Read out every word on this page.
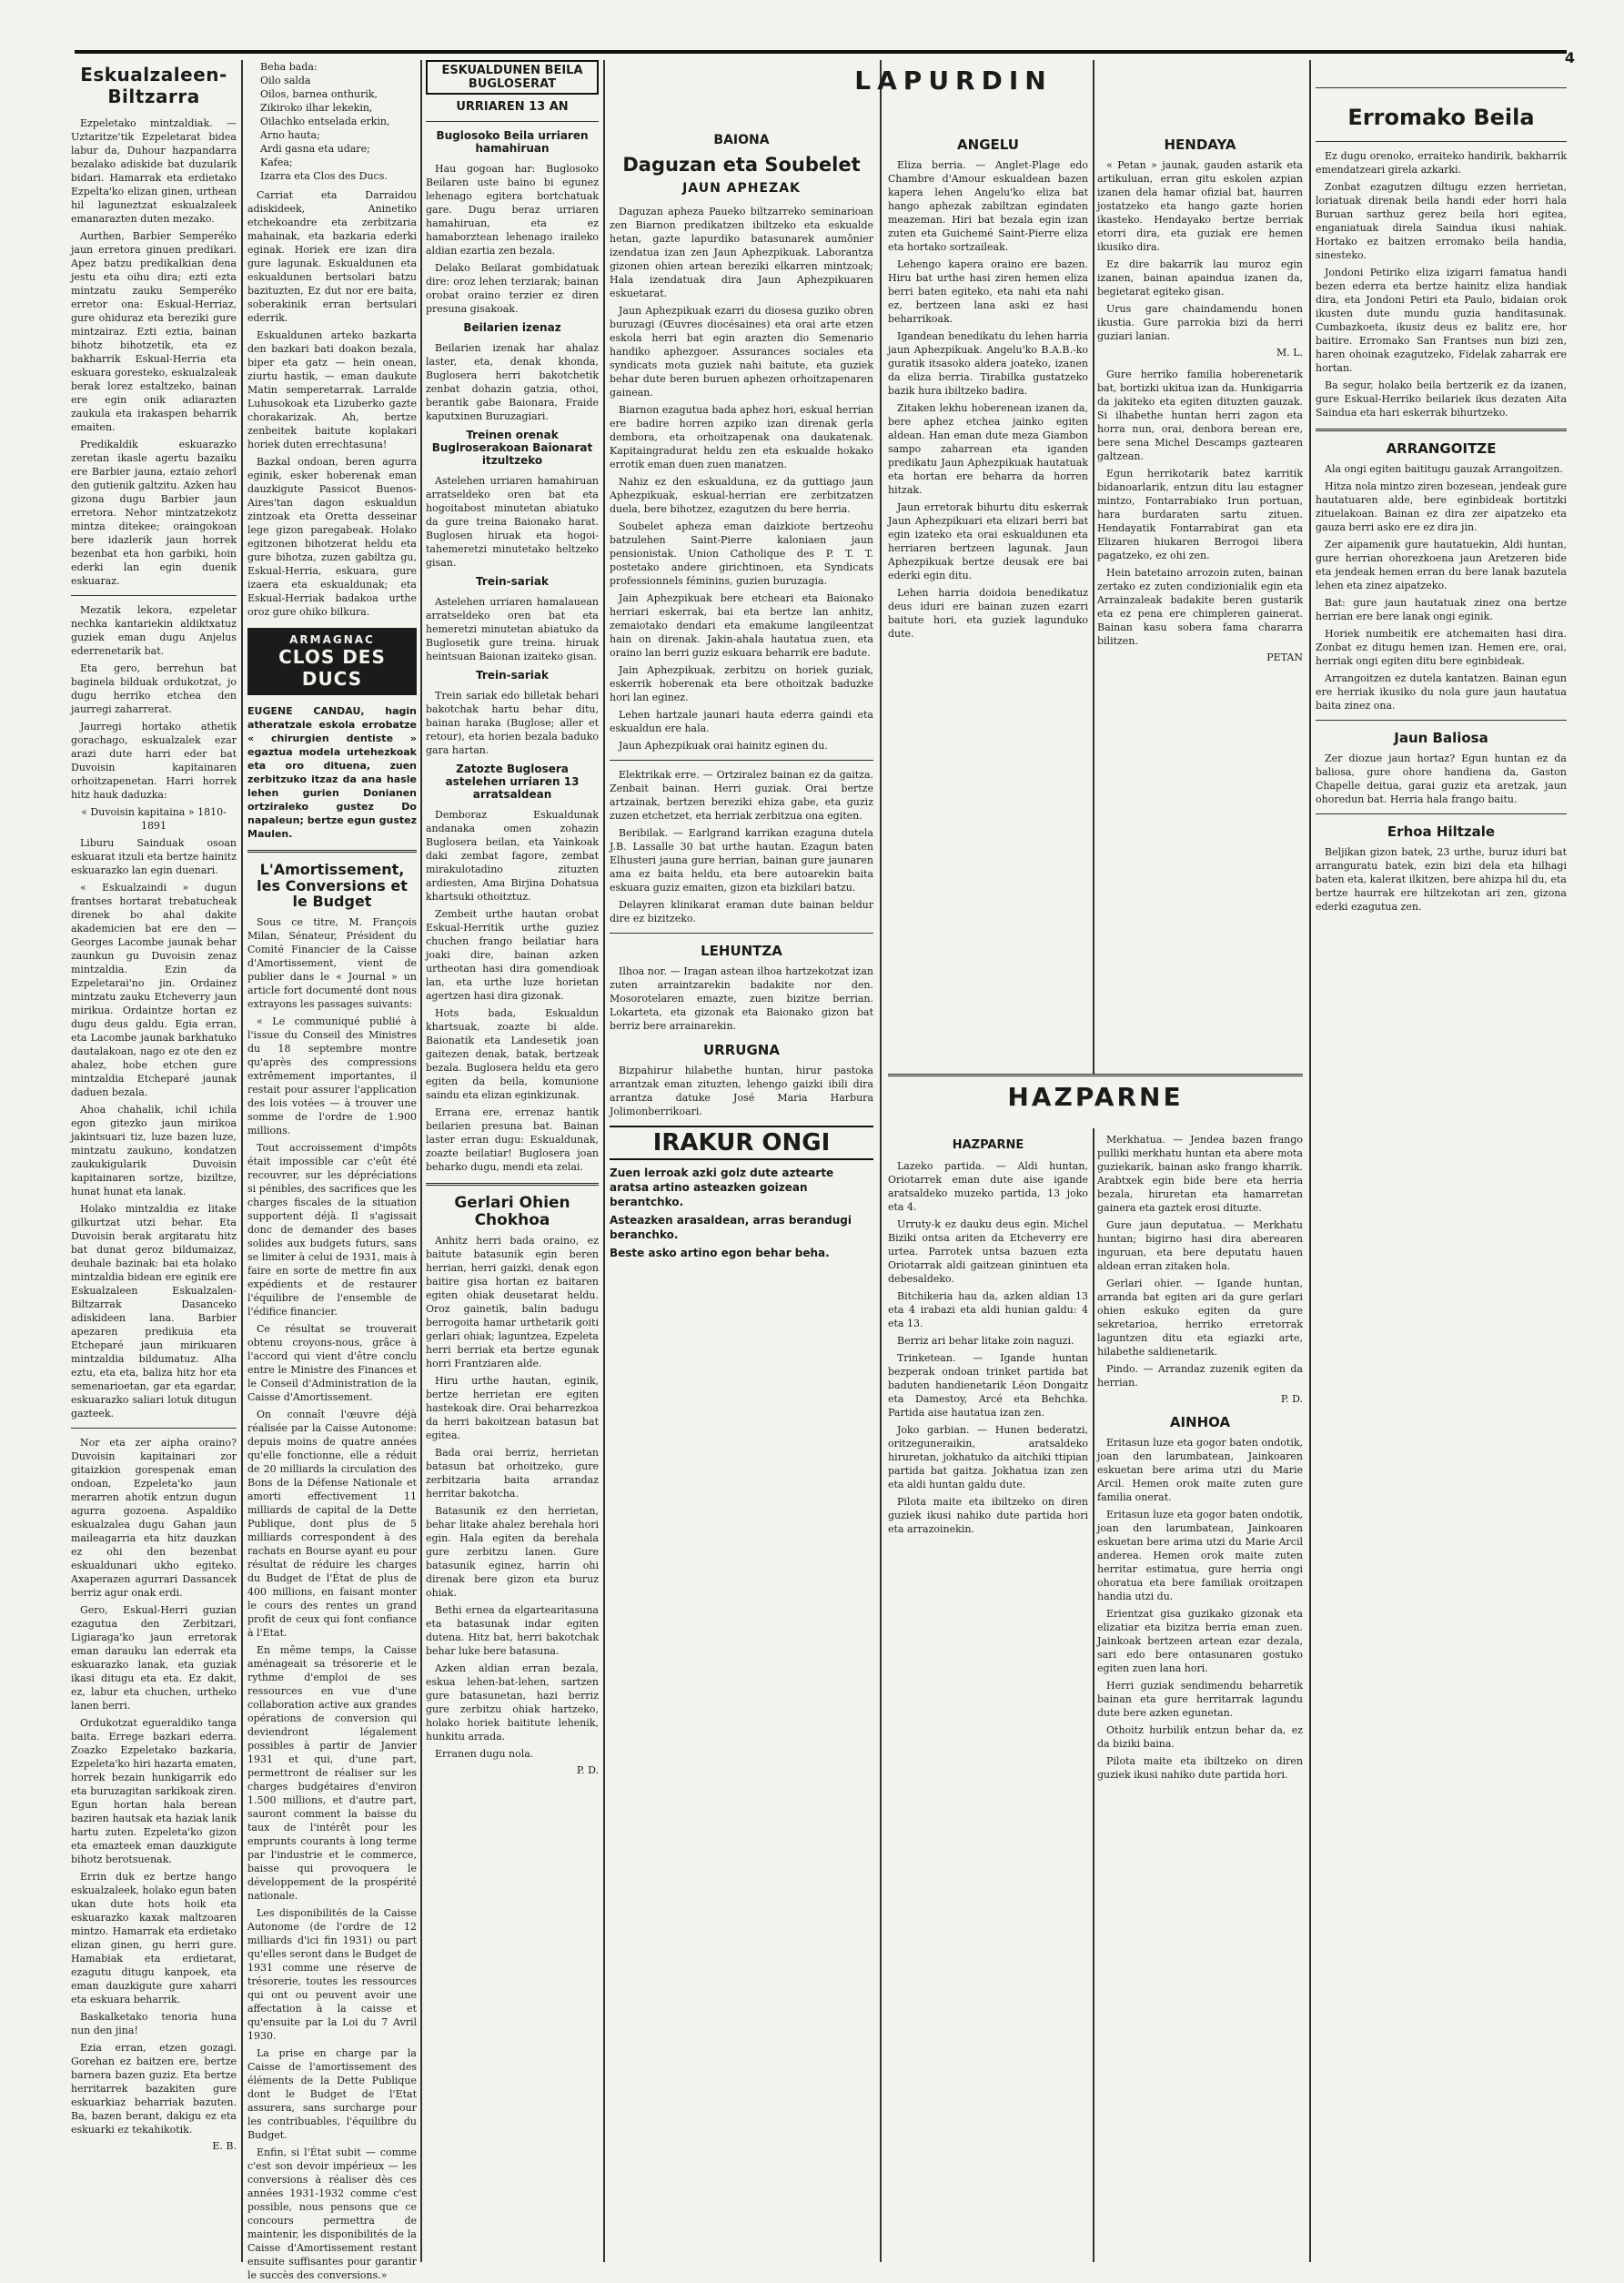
4
Eskualzaleen-Biltzarra

Ezpeletako mintzaldiak. — Uztaritze'tik Ezpeletarat bidea labur da, Duhour hazpandarra bezalako adiskide bat duzularik bidari. Hamarrak eta erdietako Ezpelta'ko elizan ginen, urthean hil laguneztzat eskualzaleek emanarazten duten mezako.

Aurthen, Barbier Semperéko jaun erretora ginuen predikari. Apez batzu predikalkian dena jestu eta oihu dira; ezti ezta mintzatu zauku Semperéko erretor ona: Eskual-Herriaz, gure ohiduraz eta bereziki gure mintzairaz. Ezti eztia, bainan bihotz bihotzetik, eta ez bakharrik Eskual-Herria eta eskuara goresteko, eskualzaleak berak lorez estaltzeko, bainan ere egin onik adiarazten zaukula eta irakaspen beharrik emaiten.

Predikaldik eskuarazko zeretan ikasle agertu bazaiku ere Barbier jauna, eztaio zehorl den gutienik galtzitu. Azken hau gizona dugu Barbier jaun erretora. Nehor mintzatzekotz mintza ditekee; oraingokoan bere idazlerik jaun horrek bezenbat eta hon garbiki, hoin ederki lan egin duenik eskuaraz.

Mezatik lekora, ezpeletar nechka kantariekin aldiktxatuz guziek eman dugu Anjelus ederrenetarik bat.

Eta gero, berrehun bat baginela bilduak ordukotzat, jo dugu herriko etchea den jaurregi zaharrerat.

Jaurregi hortako athetik gorachago, eskualzalek ezar arazi dute harri eder bat Duvoisin kapitainaren orhoitzapenetan. Harri horrek hitz hauk daduzka:

« Duvoisin kapitaina » 1810-1891

Liburu Sainduak osoan eskuarat itzuli eta bertze hainitz eskuarazko lan egin duenari.

« Eskualzaindi » dugun frantses hortarat trebatucheak direnek bo ahal dakite akademicien bat ere den — Georges Lacombe jaunak behar zaunkun gu Duvoisin zenaz mintzaldia. Ezin da Ezpeletarai'no jin. Ordainez mintzatu zauku Etcheverry jaun mirikua. Ordaintze hortan ez dugu deus galdu. Egia erran, eta Lacombe jaunak barkhatuko dautalakoan, nago ez ote den ez ahalez, hobe etchen gure mintzaldia Etcheparé jaunak daduen bezala.

Ahoa chahalik, ichil ichila egon gitezko jaun mirikoa jakintsuari tiz, luze bazen luze, mintzatu zaukuno, kondatzen zaukukigularik Duvoisin kapitainaren sortze, biziltze, hunat hunat eta lanak.

Holako mintzaldia ez litake gilkurtzat utzi behar. Eta Duvoisin berak argitaratu hitz bat dunat geroz bildumaizaz, deuhale bazinak: bai eta holako mintzaldia bidean ere eginik ere Eskualzaleen Eskualzalen-Biltzarrak Dasanceko adiskideen lana. Barbier apezaren predikuia eta Etcheparé jaun mirikuaren mintzaldia bildumatuz. Alha eztu, eta eta, baliza hitz hor eta semenarioetan, gar eta egardar, eskuarazko saliari lotuk ditugun gazteek.

Nor eta zer aipha oraino? Duvoisin kapitainari zor gitaizkion gorespenak eman ondoan, Ezpeleta'ko jaun merarren ahotik entzun dugun agurra gozoena. Aspaldiko eskualzalea dugu Gahan jaun maileagarria eta hitz dauzkan ez ohi den bezenbat eskualdunari ukho egiteko. Axaperazen agurrari Dassancek berriz agur onak erdi.

Gero, Eskual-Herri guzian ezagutua den Zerbitzari, Ligiaraga'ko jaun erretorak eman darauku lan ederrak eta eskuarazko lanak, eta guziak ikasi ditugu eta eta. Ez dakit, ez, labur eta chuchen, urtheko lanen berri.

Ordukotzat egueraldiko tanga baita. Errege bazkari ederra. Zoazko Ezpeletako bazkaria, Ezpeleta'ko hiri hazarta ematen, horrek bezain hunkigarrik edo eta buruzagitan sarkikoak ziren. Egun hortan hala berean baziren hautsak eta haziak lanik hartu zuten. Ezpeleta'ko gizon eta emazteek eman dauzkigute bihotz berotsuenak.

Errin duk ez bertze hango eskualzaleek, holako egun baten ukan dute hots hoik eta eskuarazko kaxak maltzoaren mintzo. Hamarrak eta erdietako elizan ginen, gu herri gure. Hamabiak eta erdietarat, ezagutu ditugu kanpoek, eta eman dauzkigute gure xaharri eta eskuara beharrik.

Baskalketako tenoria huna nun den jina!

Ezia erran, etzen gozagi. Gorehan ez baitzen ere, bertze barnera bazen guziz. Eta bertze herritarrek bazakiten gure eskuarkiaz beharriak bazuten. Ba, bazen berant, dakigu ez eta eskuarki ez tekahikotik.

E. B.
Beha bada:
Oilo salda
Oilos, barnea onthurik,
Zikiroko ilhar lekekin,
Oilachko entselada erkin,
Arno hauta;
Ardi gasna eta udare;
Kafea;
Izarra eta Clos des Ducs.

Carriat eta Darraidou adiskideek, Aninetiko etchekoandre eta zerbitzaria mahainak, eta bazkaria ederki eginak. Horiek ere izan dira gure lagunak. Eskualdunen eta eskualdunen bertsolari batzu bazituzten, Ez dut nor ere baita, soberakinik erran bertsulari ederrik.

Eskualdunen arteko bazkarta den bazkari bati doakon bezala, biper eta gatz — hein onean, ziurtu hastik, — eman daukute Matin semperetarrak. Larralde Luhusokoak eta Lizuberko gazte chorakarizak. Ah, bertze zenbeitek baitute koplakari horiek duten errechtasuna!

Bazkal ondoan, beren agurra eginik, esker hoberenak eman dauzkigute Passicot Buenos-Aires'tan dagon eskualdun zintzoak eta Oretta desseinar lege gizon paregabeak. Holako egitzonen bihotzerat heldu eta gure bihotza, zuzen gabiltza gu, Eskual-Herria, eskuara, gure izaera eta eskualdunak; eta Eskual-Herriak badakoa urthe oroz gure ohiko bilkura.

ARMAGNAC
CLOS DES DUCS
EUGENE CANDAU, hagin atheratzale eskola errobatze « chirurgien dentiste » egaztua modela urtehezkoak eta oro dituena, zuen zerbitzuko itzaz da ana hasle lehen gurien Donianen ortziraleko gustez Do napaleun; bertze egun gustez Maulen.
L'Amortissement, les Conversions et le Budget

Sous ce titre, M. François Milan, Sénateur, Président du Comité Financier de la Caisse d'Amortissement, vient de publier dans le « Journal » un article fort documenté dont nous extrayons les passages suivants:

« Le communiqué publié à l'issue du Conseil des Ministres du 18 septembre montre qu'après des compressions extrêmement importantes, il restait pour assurer l'application des lois votées — à trouver une somme de l'ordre de 1.900 millions.

Tout accroissement d'impôts était impossible car c'eût été recouvrer, sur les dépréciations si pénibles, des sacrifices que les charges fiscales de la situation supportent déjà. Il s'agissait donc de demander des bases solides aux budgets futurs, sans se limiter à celui de 1931, mais à faire en sorte de mettre fin aux expédients et de restaurer l'équilibre de l'ensemble de l'édifice financier.

Ce résultat se trouverait obtenu croyons-nous, grâce à l'accord qui vient d'être conclu entre le Ministre des Finances et le Conseil d'Administration de la Caisse d'Amortissement.

On connaît l'œuvre déjà réalisée par la Caisse Autonome: depuis moins de quatre années qu'elle fonctionne, elle a réduit de 20 milliards la circulation des Bons de la Défense Nationale et amorti effectivement 11 milliards de capital de la Dette Publique, dont plus de 5 milliards correspondent à des rachats en Bourse ayant eu pour résultat de réduire les charges du Budget de l'État de plus de 400 millions, en faisant monter le cours des rentes un grand profit de ceux qui font confiance à l'Etat.

En même temps, la Caisse aménageait sa trésorerie et le rythme d'emploi de ses ressources en vue d'une collaboration active aux grandes opérations de conversion qui deviendront légalement possibles à partir de Janvier 1931 et qui, d'une part, permettront de réaliser sur les charges budgétaires d'environ 1.500 millions, et d'autre part, sauront comment la baisse du taux de l'intérêt pour les emprunts courants à long terme par l'industrie et le commerce, baisse qui provoquera le développement de la prospérité nationale.

Les disponibilités de la Caisse Autonome (de l'ordre de 12 milliards d'ici fin 1931) ou part qu'elles seront dans le Budget de 1931 comme une réserve de trésorerie, toutes les ressources qui ont ou peuvent avoir une affectation à la caisse et qu'ensuite par la Loi du 7 Avril 1930.

La prise en charge par la Caisse de l'amortissement des éléments de la Dette Publique dont le Budget de l'Etat assurera, sans surcharge pour les contribuables, l'équilibre du Budget.

Enfin, si l'État subit — comme c'est son devoir impérieux — les conversions à réaliser dès ces années 1931-1932 comme c'est possible, nous pensons que ce concours permettra de maintenir, les disponibilités de la Caisse d'Amortissement restant ensuite suffisantes pour garantir le succès des conversions.»

ESKUALDUNEN BEILA BUGLOSERAT
URRIAREN 13 AN
Buglosoko Beila urriaren hamahiruan

Hau gogoan har: Buglosoko Beilaren uste baino bi egunez lehenago egitera bortchatuak gare. Dugu beraz urriaren hamahiruan, eta ez hamaborztean lehenago iraileko aldian ezartia zen bezala.

Delako Beilarat gombidatuak dire: oroz lehen terziarak; bainan orobat oraino terzier ez diren presuna gisakoak.

Beilarien izenaz

Beilarien izenak har ahalaz laster, eta, denak khonda, Buglosera herri bakotchetik zenbat dohazin gatzia, othoi, berantik gabe Baionara, Fraide kaputxinen Buruzagiari.

Treinen orenak Buglroserakoan Baionarat itzultzeko

Astelehen urriaren hamahiruan arratseldeko oren bat eta hogoitabost minutetan abiatuko da gure treina Baionako harat. Buglosen hiruak eta hogoi-tahemeretzi minutetako heltzeko gisan.

Trein-sariak

Astelehen urriaren hamalauean arratseldeko oren bat eta hemeretzi minutetan abiatuko da Buglosetik gure treina. hiruak heintsuan Baionan izaiteko gisan.

Trein-sariak

Trein sariak edo billetak behari bakotchak hartu behar ditu, bainan haraka (Buglose; aller et retour), eta horien bezala baduko gara hartan.

Zatozte Buglosera astelehen urriaren 13 arratsaldean

Demboraz Eskualdunak andanaka omen zohazin Buglosera beilan, eta Yainkoak daki zembat fagore, zembat mirakulotadino zituzten ardiesten, Ama Birjina Dohatsua khartsuki othoitztuz.

Zembeit urthe hautan orobat Eskual-Herritik urthe guziez chuchen frango beilatiar hara joaki dire, bainan azken urtheotan hasi dira gomendioak lan, eta urthe luze horietan agertzen hasi dira gizonak.

Hots bada, Eskualdun khartsuak, zoazte bi alde. Baionatik eta Landesetik joan gaitezen denak, batak, bertzeak bezala. Buglosera heldu eta gero egiten da beila, komunione saindu eta elizan eginkizunak.

Errana ere, errenaz hantik beilarien presuna bat. Bainan laster erran dugu: Eskualdunak, zoazte beilatiar! Buglosera joan beharko dugu, mendi eta zelai.

Gerlari Ohien Chokhoa

Anhitz herri bada oraino, ez baitute batasunik egin beren herrian, herri gaizki, denak egon baitire gisa hortan ez baitaren egiten ohiak deusetarat heldu. Oroz gainetik, balin badugu berrogoita hamar urthetarik goiti gerlari ohiak; laguntzea, Ezpeleta herri berriak eta bertze egunak horri Frantziaren alde.

Hiru urthe hautan, eginik, bertze herrietan ere egiten hastekoak dire. Orai beharrezkoa da herri bakoitzean batasun bat egitea.

Bada orai berriz, herrietan batasun bat orhoitzeko, gure zerbitzaria baita arrandaz herritar bakotcha.

Batasunik ez den herrietan, behar litake ahalez berehala hori egin. Hala egiten da berehala gure zerbitzu lanen. Gure batasunik eginez, harrin ohi direnak bere gizon eta buruz ohiak.

Bethi ernea da elgartearitasuna eta batasunak indar egiten dutena. Hitz bat, herri bakotchak behar luke bere batasuna.

Azken aldian erran bezala, eskua lehen-bat-lehen, sartzen gure batasunetan, hazi berriz gure zerbitzu ohiak hartzeko, holako horiek baititute lehenik, hunkitu arrada.

Erranen dugu nola.

P. D.
LAPURDIN
BAIONA
Daguzan eta Soubelet
JAUN APHEZAK

Daguzan apheza Paueko biltzarreko seminarioan zen Biarnon predikatzen ibiltzeko eta eskualde hetan, gazte lapurdiko batasunarek aumônier izendatua izan zen Jaun Aphezpikuak. Laborantza gizonen ohien artean bereziki elkarren mintzoak; Hala izendatuak dira Jaun Aphezpikuaren eskuetarat.

Jaun Aphezpikuak ezarri du diosesa guziko obren buruzagi (Œuvres diocésaines) eta orai arte etzen eskola herri bat egin arazten dio Semenario handiko aphezgoer. Assurances sociales eta syndicats mota guziek nahi baitute, eta guziek behar dute beren buruen aphezen orhoitzapenaren gainean.

Biarnon ezagutua bada aphez hori, eskual herrian ere badire horren azpiko izan direnak gerla dembora, eta orhoitzapenak ona daukatenak. Kapitaingradurat heldu zen eta eskualde hokako errotik eman duen zuen manatzen.

Nahiz ez den eskualduna, ez da guttiago jaun Aphezpikuak, eskual-herrian ere zerbitzatzen duela, bere bihotzez, ezagutzen du bere herria.

Soubelet apheza eman daizkiote bertzeohu batzulehen Saint-Pierre kaloniaen jaun pensionistak. Union Catholique des P. T. T. postetako andere girichtinoen, eta Syndicats professionnels féminins, guzien buruzagia.

Jain Aphezpikuak bere etcheari eta Baionako herriari eskerrak, bai eta bertze lan anhitz, zemaiotako dendari eta emakume langileentzat hain on direnak. Jakin-ahala hautatua zuen, eta oraino lan berri guziz eskuara beharrik ere badute.

Jain Aphezpikuak, zerbitzu on horiek guziak, eskerrik hoberenak eta bere othoitzak baduzke hori lan eginez.

Lehen hartzale jaunari hauta ederra gaindi eta eskualdun ere hala.

Jaun Aphezpikuak orai hainitz eginen du.

Elektrikak erre. — Ortziralez bainan ez da gaitza. Zenbait bainan. Herri guziak. Orai bertze artzainak, bertzen bereziki ehiza gabe, eta guziz zuzen etchetzet, eta herriak zerbitzua ona egiten.

Beribilak. — Earlgrand karrikan ezaguna dutela J.B. Lassalle 30 bat urthe hautan. Ezagun baten Elhusteri jauna gure herrian, bainan gure jaunaren ama ez baita heldu, eta bere autoarekin baita eskuara guziz emaiten, gizon eta bizkilari batzu.

Delayren klinikarat eraman dute bainan beldur dire ez bizitzeko.

LEHUNTZA

Ilhoa nor. — Iragan astean ilhoa hartzekotzat izan zuten arraintzarekin badakite nor den. Mosorotelaren emazte, zuen bizitze berrian. Lokarteta, eta gizonak eta Baionako gizon bat berriz bere arrainarekin.

URRUGNA

Bizpahirur hilabethe huntan, hirur pastoka arrantzak eman zituzten, lehengo gaizki ibili dira arrantza datuke José Maria Harbura Jolimonberrikoari.

IRAKUR ONGI
Zuen lerroak azki golz dute aztearte aratsa artino asteazken goizean berantchko.
Asteazken arasaldean, arras berandugi beranchko.
Beste asko artino egon behar beha.
ANGELU

Eliza berria. — Anglet-Plage edo Chambre d'Amour eskualdean bazen kapera lehen Angelu'ko eliza bat hango aphezak zabiltzan egindaten meazeman. Hiri bat bezala egin izan zuten eta Guichemé Saint-Pierre eliza eta hortako sortzaileak.

Lehengo kapera oraino ere bazen. Hiru bat urthe hasi ziren hemen eliza berri baten egiteko, eta nahi eta nahi ez, bertzeen lana aski ez hasi beharrikoak.

Igandean benedikatu du lehen harria jaun Aphezpikuak. Angelu'ko B.A.B.-ko guratik itsasoko aldera joateko, izanen da eliza berria. Tirabilka gustatzeko bazik hura ibiltzeko badira.

Zitaken lekhu hoberenean izanen da, bere aphez etchea jainko egiten aldean. Han eman dute meza Giambon sampo zaharrean eta iganden predikatu Jaun Aphezpikuak hautatuak eta hortan ere beharra da horren hitzak.

Jaun erretorak bihurtu ditu eskerrak Jaun Aphezpikuari eta elizari berri bat egin izateko eta orai eskualdunen eta herriaren bertzeen lagunak. Jaun Aphezpikuak bertze deusak ere bai ederki egin ditu.

Lehen harria doidoia benedikatuz deus iduri ere bainan zuzen ezarri baitute hori, eta guziek lagunduko dute.

HAZPARNE
HAZPARNE

Lazeko partida. — Aldi huntan, Oriotarrek eman dute aise igande aratsaldeko muzeko partida, 13 joko eta 4.

Urruty-k ez dauku deus egin. Michel Biziki ontsa ariten da Etcheverry ere urtea. Parrotek untsa bazuen ezta Oriotarrak aldi gaitzean ginintuen eta debesaldeko.

Bitchikeria hau da, azken aldian 13 eta 4 irabazi eta aldi hunian galdu: 4 eta 13.

Berriz ari behar litake zoin naguzi.

Trinketean. — Igande huntan bezperak ondoan trinket partida bat baduten handienetarik Léon Dongaitz eta Damestoy, Arcé eta Behchka. Partida aise hautatua izan zen.

Joko garbian. — Hunen bederatzi, oritzeguneraikin, aratsaldeko hiruretan, jokhatuko da aitchiki ttipian partida bat gaitza. Jokhatua izan zen eta aldi huntan galdu dute.

Pilota maite eta ibiltzeko on diren guziek ikusi nahiko dute partida hori eta arrazoinekin.

HENDAYA

« Petan » jaunak, gauden astarik eta artikuluan, erran gitu eskolen azpian izanen dela hamar ofizial bat, haurren jostatzeko eta hango gazte horien ikasteko. Hendayako bertze berriak etorri dira, eta guziak ere hemen ikusiko dira.

Ez dire bakarrik lau muroz egin izanen, bainan apaindua izanen da, begietarat egiteko gisan.

Urus gare chaindamendu honen ikustia. Gure parrokia bizi da herri guziari lanian.

M. L.

Gure herriko familia hoberenetarik bat, bortizki ukitua izan da. Hunkigarria da jakiteko eta egiten dituzten gauzak. Si ilhabethe huntan herri zagon eta horra nun, orai, denbora berean ere, bere sena Michel Descamps gaztearen galtzean.

Egun herrikotarik batez karritik bidanoarlarik, entzun ditu lau estagner mintzo, Fontarrabiako Irun portuan, hara burdaraten sartu zituen. Hendayatik Fontarrabirat gan eta Elizaren hiukaren Berrogoi libera pagatzeko, ez ohi zen.

Hein batetaino arrozoin zuten, bainan zertako ez zuten condizionialik egin eta Arrainzaleak badakite beren gustarik eta ez pena ere chimpleren gainerat. Bainan kasu sobera fama chararra bilitzen.

PETAN

Merkhatua. — Jendea bazen frango pulliki merkhatu huntan eta abere mota guziekarik, bainan asko frango kharrik. Arabtxek egin bide bere eta herria bezala, hiruretan eta hamarretan gainera eta gaztek erosi dituzte.

Gure jaun deputatua. — Merkhatu huntan; bigirno hasi dira aberearen inguruan, eta bere deputatu hauen aldean erran zitaken hola.

Gerlari ohier. — Igande huntan, arranda bat egiten ari da gure gerlari ohien eskuko egiten da gure sekretarioa, herriko erretorrak laguntzen ditu eta egiazki arte, hilabethe saldienetarik.

Pindo. — Arrandaz zuzenik egiten da herrian.

P. D.
AINHOA

Eritasun luze eta gogor baten ondotik, joan den larumbatean, Jainkoaren eskuetan bere arima utzi du Marie Arcil. Hemen orok maite zuten gure familia onerat.

Eritasun luze eta gogor baten ondotik, joan den larumbatean, Jainkoaren eskuetan bere arima utzi du Marie Arcil anderea. Hemen orok maite zuten herritar estimatua, gure herria ongi ohoratua eta bere familiak oroitzapen handia utzi du.

Erientzat gisa guzikako gizonak eta elizatiar eta bizitza berria eman zuen. Jainkoak bertzeen artean ezar dezala, sari edo bere ontasunaren gostuko egiten zuen lana hori.

Herri guziak sendimendu beharretik bainan eta gure herritarrak lagundu dute bere azken egunetan.

Othoitz hurbilik entzun behar da, ez da biziki baina.

Pilota maite eta ibiltzeko on diren guziek ikusi nahiko dute partida hori.

Erromako Beila

Ez dugu orenoko, erraiteko handirik, bakharrik emendatzeari girela azkarki.

Zonbat ezagutzen diltugu ezzen herrietan, loriatuak direnak beila handi eder horri hala Buruan sarthuz gerez beila hori egitea, enganiatuak direla Saindua ikusi nahiak. Hortako ez baitzen erromako beila handia, sinesteko.

Jondoni Petiriko eliza izigarri famatua handi bezen ederra eta bertze hainitz eliza handiak dira, eta Jondoni Petiri eta Paulo, bidaian orok ikusten dute mundu guzia handitasunak. Cumbazkoeta, ikusiz deus ez balitz ere, hor baitire. Erromako San Frantses nun bizi zen, haren ohoinak ezagutzeko, Fidelak zaharrak ere hortan.

Ba segur, holako beila bertzerik ez da izanen, gure Eskual-Herriko beilariek ikus dezaten Aita Saindua eta hari eskerrak bihurtzeko.

ARRANGOITZE

Ala ongi egiten baititugu gauzak Arrangoitzen.

Hitza nola mintzo ziren bozesean, jendeak gure hautatuaren alde, bere eginbideak bortitzki zituelakoan. Bainan ez dira zer aipatzeko eta gauza berri asko ere ez dira jin.

Zer aipamenik gure hautatuekin, Aldi huntan, gure herrian ohorezkoena jaun Aretzeren bide eta jendeak hemen erran du bere lanak bazutela lehen eta zinez aipatzeko.

Bat: gure jaun hautatuak zinez ona bertze herrian ere bere lanak ongi eginik.

Horiek numbeitik ere atchemaiten hasi dira. Zonbat ez ditugu hemen izan. Hemen ere, orai, herriak ongi egiten ditu bere eginbideak.

Arrangoitzen ez dutela kantatzen. Bainan egun ere herriak ikusiko du nola gure jaun hautatua baita zinez ona.

Jaun Baliosa

Zer diozue jaun hortaz? Egun huntan ez da baliosa, gure ohore handiena da, Gaston Chapelle deitua, garai guziz eta aretzak, jaun ohoredun bat. Herria hala frango baitu.

Erhoa Hiltzale

Beljikan gizon batek, 23 urthe, buruz iduri bat arranguratu batek, ezin bizi dela eta hilhagi baten eta, kalerat ilkitzen, bere ahizpa hil du, eta bertze haurrak ere hiltzekotan ari zen, gizona ederki ezagutua zen.
